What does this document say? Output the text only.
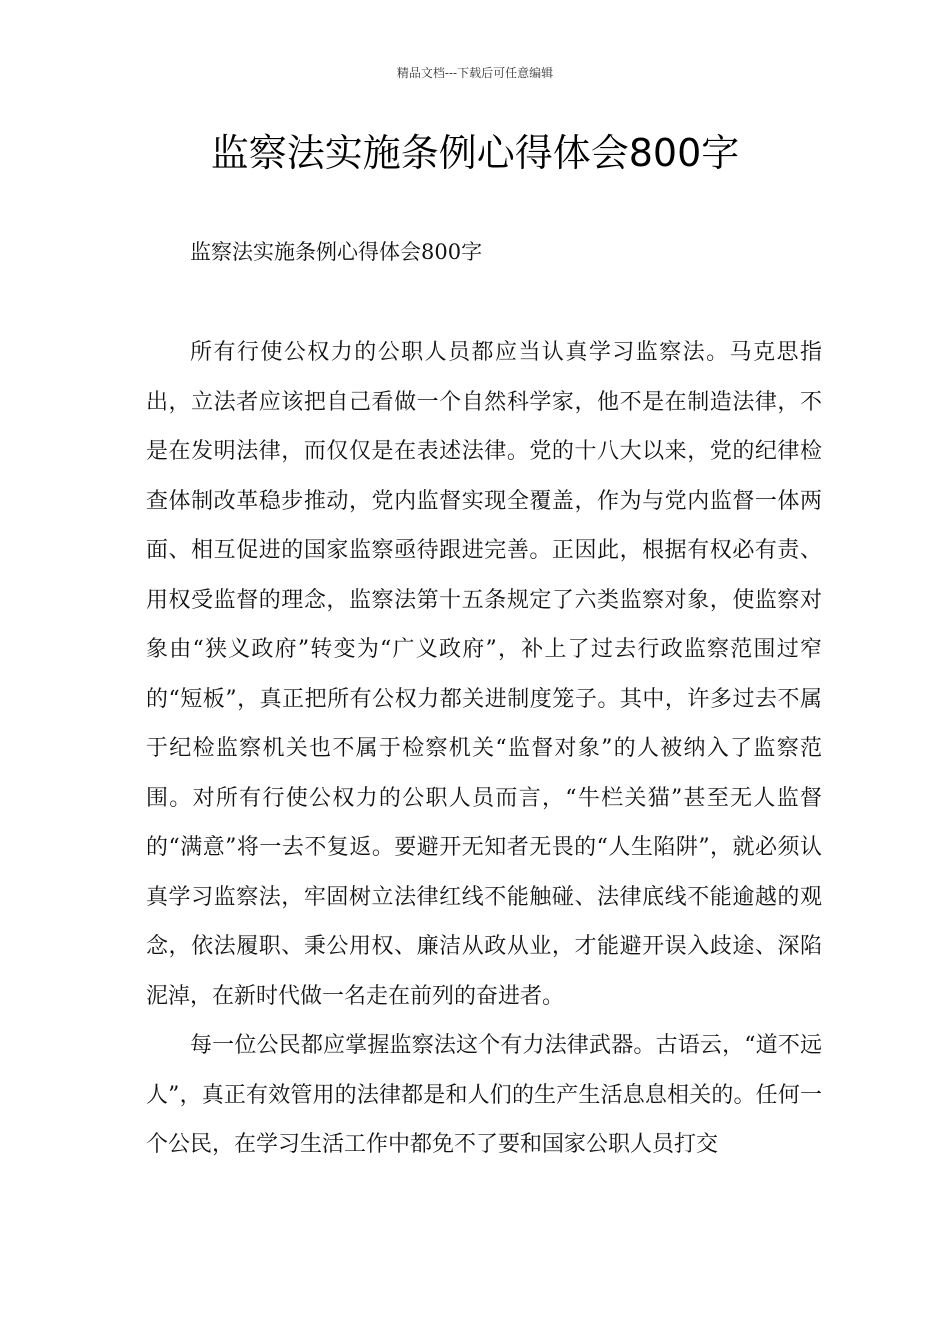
精品文档---下载后可任意编辑
监察法实施条例心得体会800字

监察法实施条例心得体会800字

所有行使公权力的公职人员都应当认真学习监察法。马克思指出，立法者应该把自己看做一个自然科学家，他不是在制造法律，不是在发明法律，而仅仅是在表述法律。党的十八大以来，党的纪律检查体制改革稳步推动，党内监督实现全覆盖，作为与党内监督一体两面、相互促进的国家监察亟待跟进完善。正因此，根据有权必有责、用权受监督的理念，监察法第十五条规定了六类监察对象，使监察对象由“狭义政府”转变为“广义政府”，补上了过去行政监察范围过窄的“短板”，真正把所有公权力都关进制度笼子。其中，许多过去不属于纪检监察机关也不属于检察机关“监督对象”的人被纳入了监察范围。对所有行使公权力的公职人员而言，“牛栏关猫”甚至无人监督的“满意”将一去不复返。要避开无知者无畏的“人生陷阱”，就必须认真学习监察法，牢固树立法律红线不能触碰、法律底线不能逾越的观念，依法履职、秉公用权、廉洁从政从业，才能避开误入歧途、深陷泥淖，在新时代做一名走在前列的奋进者。

每一位公民都应掌握监察法这个有力法律武器。古语云，“道不远人”，真正有效管用的法律都是和人们的生产生活息息相关的。任何一个公民，在学习生活工作中都免不了要和国家公职人员打交
